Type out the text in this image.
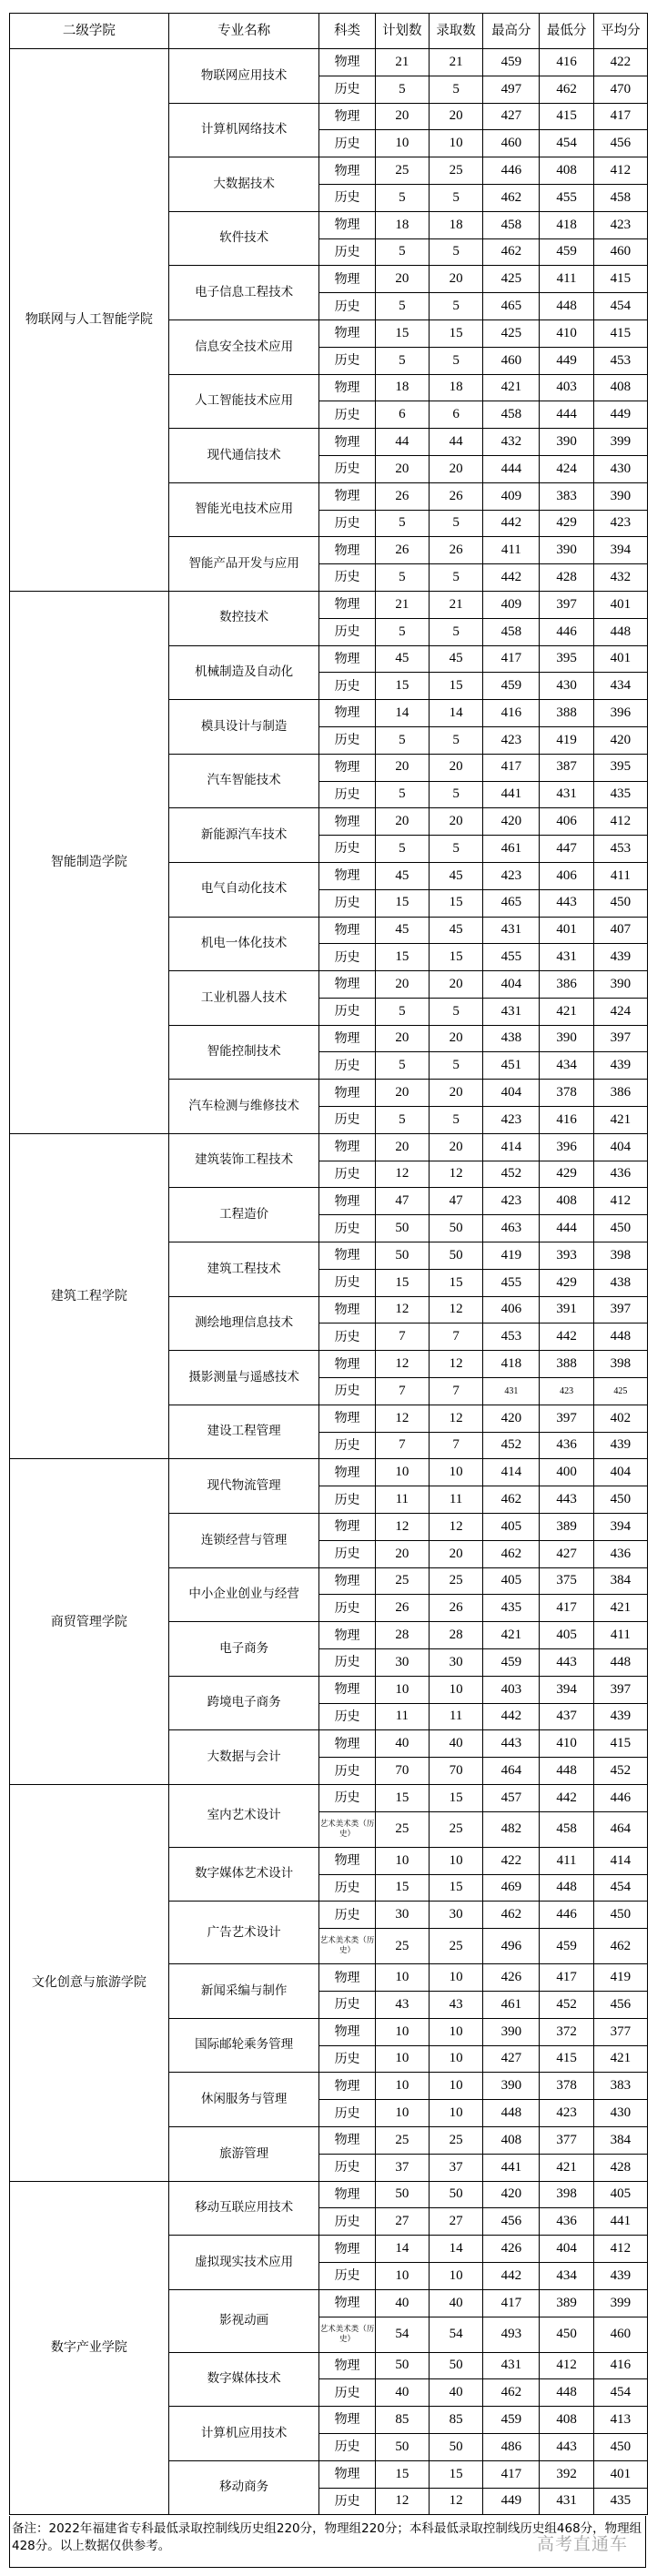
二级学院	专业名称	科类	计划数	录取数	最高分	最低分	平均分
物联网与人工智能学院	物联网应用技术	物理	21	21	459	416	422
		历史	5	5	497	462	470
	计算机网络技术	物理	20	20	427	415	417
		历史	10	10	460	454	456
	大数据技术	物理	25	25	446	408	412
		历史	5	5	462	455	458
	软件技术	物理	18	18	458	418	423
		历史	5	5	462	459	460
	电子信息工程技术	物理	20	20	425	411	415
		历史	5	5	465	448	454
	信息安全技术应用	物理	15	15	425	410	415
		历史	5	5	460	449	453
	人工智能技术应用	物理	18	18	421	403	408
		历史	6	6	458	444	449
	现代通信技术	物理	44	44	432	390	399
		历史	20	20	444	424	430
	智能光电技术应用	物理	26	26	409	383	390
		历史	5	5	442	429	423
	智能产品开发与应用	物理	26	26	411	390	394
		历史	5	5	442	428	432
智能制造学院	数控技术	物理	21	21	409	397	401
		历史	5	5	458	446	448
	机械制造及自动化	物理	45	45	417	395	401
		历史	15	15	459	430	434
	模具设计与制造	物理	14	14	416	388	396
		历史	5	5	423	419	420
	汽车智能技术	物理	20	20	417	387	395
		历史	5	5	441	431	435
	新能源汽车技术	物理	20	20	420	406	412
		历史	5	5	461	447	453
	电气自动化技术	物理	45	45	423	406	411
		历史	15	15	465	443	450
	机电一体化技术	物理	45	45	431	401	407
		历史	15	15	455	431	439
	工业机器人技术	物理	20	20	404	386	390
		历史	5	5	431	421	424
	智能控制技术	物理	20	20	438	390	397
		历史	5	5	451	434	439
	汽车检测与维修技术	物理	20	20	404	378	386
		历史	5	5	423	416	421
建筑工程学院	建筑装饰工程技术	物理	20	20	414	396	404
		历史	12	12	452	429	436
	工程造价	物理	47	47	423	408	412
		历史	50	50	463	444	450
	建筑工程技术	物理	50	50	419	393	398
		历史	15	15	455	429	438
	测绘地理信息技术	物理	12	12	406	391	397
		历史	7	7	453	442	448
	摄影测量与遥感技术	物理	12	12	418	388	398
		历史	7	7	431	423	425
	建设工程管理	物理	12	12	420	397	402
		历史	7	7	452	436	439
商贸管理学院	现代物流管理	物理	10	10	414	400	404
		历史	11	11	462	443	450
	连锁经营与管理	物理	12	12	405	389	394
		历史	20	20	462	427	436
	中小企业创业与经营	物理	25	25	405	375	384
		历史	26	26	435	417	421
	电子商务	物理	28	28	421	405	411
		历史	30	30	459	443	448
	跨境电子商务	物理	10	10	403	394	397
		历史	11	11	442	437	439
	大数据与会计	物理	40	40	443	410	415
		历史	70	70	464	448	452
文化创意与旅游学院	室内艺术设计	历史	15	15	457	442	446
		艺术美术类（历史）	25	25	482	458	464
	数字媒体艺术设计	物理	10	10	422	411	414
		历史	15	15	469	448	454
	广告艺术设计	历史	30	30	462	446	450
		艺术美术类（历史）	25	25	496	459	462
	新闻采编与制作	物理	10	10	426	417	419
		历史	43	43	461	452	456
	国际邮轮乘务管理	物理	10	10	390	372	377
		历史	10	10	427	415	421
	休闲服务与管理	物理	10	10	390	378	383
		历史	10	10	448	423	430
	旅游管理	物理	25	25	408	377	384
		历史	37	37	441	421	428
数字产业学院	移动互联应用技术	物理	50	50	420	398	405
		历史	27	27	456	436	441
	虚拟现实技术应用	物理	14	14	426	404	412
		历史	10	10	442	434	439
	影视动画	物理	40	40	417	389	399
		艺术美术类（历史）	54	54	493	450	460
	数字媒体技术	物理	50	50	431	412	416
		历史	40	40	462	448	454
	计算机应用技术	物理	85	85	459	408	413
		历史	50	50	486	443	450
	移动商务	物理	15	15	417	392	401
		历史	12	12	449	431	435
备注：2022年福建省专科最低录取控制线历史组220分，物理组220分；本科最低录取控制线历史组468分，物理组428分。以上数据仅供参考。	高考直通车
